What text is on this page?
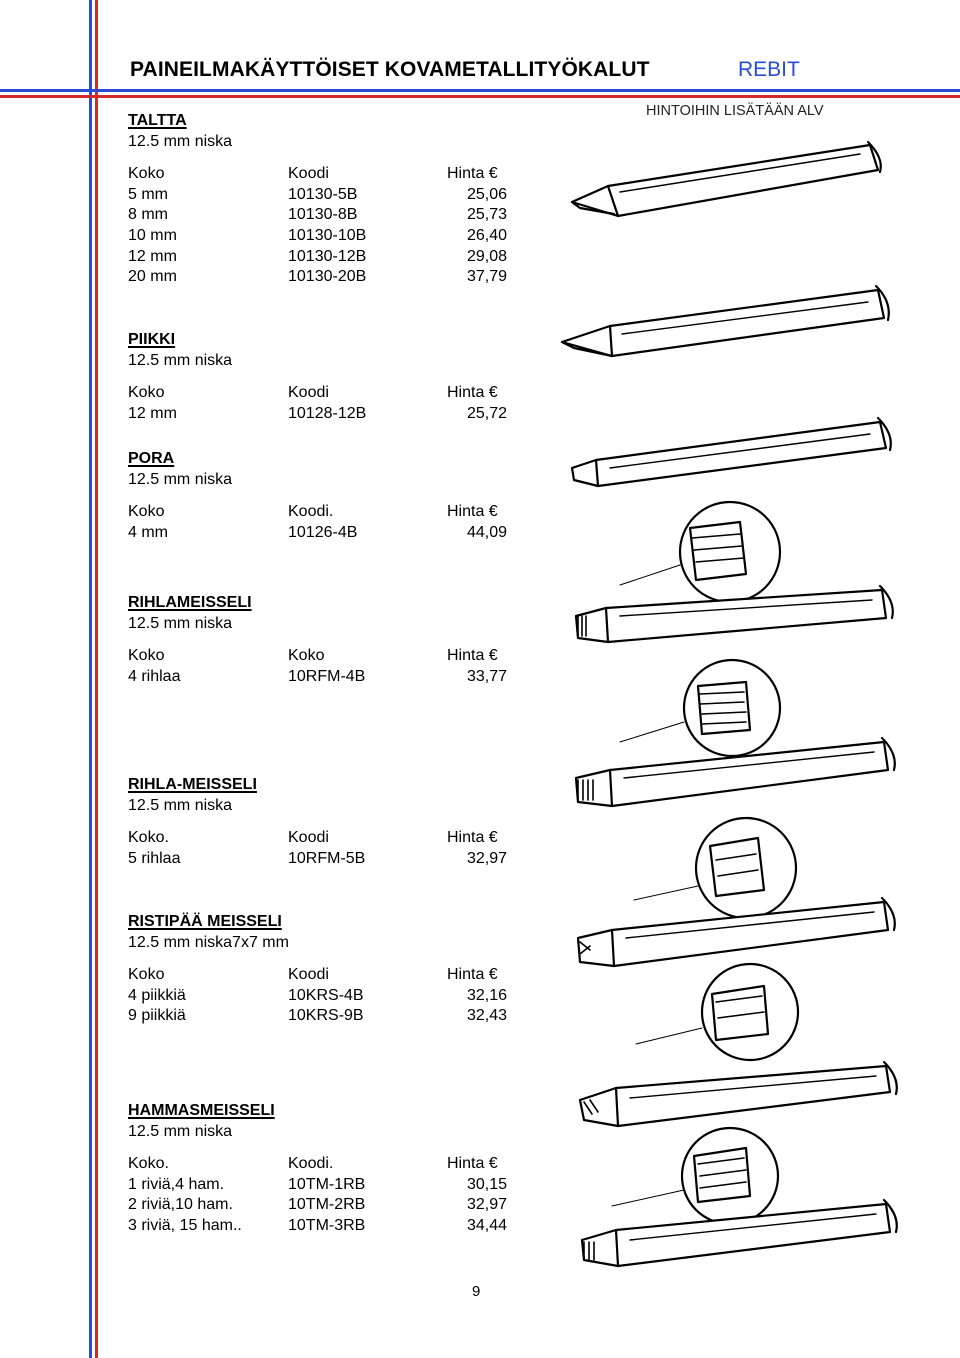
PAINEILMAKÄYTTÖISET KOVAMETALLITYÖKALUT	REBIT
HINTOIHIN LISÄTÄÄN ALV
TALTTA
12.5 mm niska
Koko	Koodi	Hinta €
5 mm	10130-5B	25,06
8 mm	10130-8B	25,73
10 mm	10130-10B	26,40
12 mm	10130-12B	29,08
20 mm	10130-20B	37,79
PIIKKI
12.5 mm niska
Koko	Koodi	Hinta €
12 mm	10128-12B	25,72
PORA
12.5 mm niska
Koko	Koodi.	Hinta €
4 mm	10126-4B	44,09
RIHLAMEISSELI
12.5 mm niska
Koko	Koko	Hinta €
4 rihlaa	10RFM-4B	33,77
RIHLA-MEISSELI
12.5 mm niska
Koko.	Koodi	Hinta €
5 rihlaa	10RFM-5B	32,97
RISTIPÄÄ MEISSELI
12.5 mm niska7x7 mm
Koko	Koodi	Hinta €
4 piikkiä	10KRS-4B	32,16
9 piikkiä	10KRS-9B	32,43
HAMMASMEISSELI
12.5 mm niska
Koko.	Koodi.	Hinta €
1 riviä,4 ham.	10TM-1RB	30,15
2 riviä,10 ham.	10TM-2RB	32,97
3 riviä, 15 ham..	10TM-3RB	34,44
9
